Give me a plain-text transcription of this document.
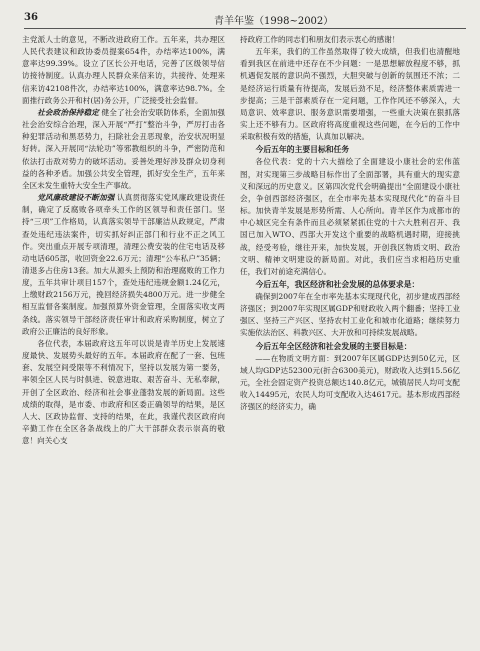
36	青羊年鉴（1998~2002）

主党派人士的意见，不断改进政府工作。五年来，共办理区人民代表建议和政协委员提案654件，办结率达100%，满意率达99.39%。设立了区长公开电话，完善了区级领导信访接待制度。认真办理人民群众来信来访，共接待、处理来信来访42108件次，办结率达100%，满意率达98.7%。全面推行政务公开和村(居)务公开，广泛接受社会监督。

社会政治保持稳定 健全了社会治安联防体系，全面加强社会治安综合治理，深入开展“严打”整治斗争，严厉打击各种犯罪活动和黑恶势力，扫除社会丑恶现象，治安状况明显好转。深入开展同“法轮功”等邪教组织的斗争，严密防范和依法打击敌对势力的破坏活动。妥善处理好涉及群众切身利益的各种矛盾。加强公共安全管理，抓好安全生产，五年来全区未发生重特大安全生产事故。

党风廉政建设不断加强 认真贯彻落实党风廉政建设责任制，确定了反腐败各项牵头工作的区领导和责任部门。坚持“三项”工作格局，认真落实领导干部廉洁从政规定，严肃查处违纪违法案件，切实抓好纠正部门和行业不正之风工作。突出重点开展专项清理，清理公费安装的住宅电话及移动电话605部，收回资金22.6万元；清理“公车私户”35辆；清退多占住房13套。加大从源头上预防和治理腐败的工作力度，五年共审计项目157个，查处违纪违规金额1.24亿元，上缴财政2156万元，挽回经济损失4800万元。进一步健全相互监督各案制度。加强预算外资金管理，全面落实收支两条线。落实领导干部经济责任审计和政府采购制度，树立了政府公正廉洁的良好形象。

各位代表，本届政府这五年可以说是青羊历史上发展速度最快、发展势头最好的五年。本届政府在配了一套、包班套、发展空间受限等不利情况下，坚持以发展为第一要务，率领全区人民与时俱进、锐意进取、艰苦奋斗、无私奉献，开创了全区政治、经济和社会事业蓬勃发展的新局面。这些成绩的取得，是市委、市政府和区委正确领导的结果，是区人大、区政协监督、支持的结果，在此，我谨代表区政府向辛勤工作在全区各条战线上的广大干部群众表示崇高的敬意！向关心支

持政府工作的同志们和朋友们表示衷心的感谢！

五年来，我们的工作虽然取得了较大成绩，但我们也清醒地看到我区在前进中还存在不少问题：一是思想解放程度不够，抓机遇促发展的意识尚不强烈，大胆突破与创新的氛围还不浓；二是经济运行质量有待提高，发展后劲不足，经济整体素质需进一步提高；三是干部素质存在一定问题，工作作风还不够深入，大局意识、效率意识、服务意识需要增强，一些重大决策在狠抓落实上还不够有力。区政府将高度重视这些问题，在今后的工作中采取积极有效的措施，认真加以解决。

今后五年的主要目标和任务

各位代表：党的十六大描绘了全面建设小康社会的宏伟蓝图，对实现第三步战略目标作出了全面部署，具有重大的现实意义和深远的历史意义。区第四次党代会明确提出“全面建设小康社会，争创西部经济强区，在全市率先基本实现现代化”的奋斗目标。加快青羊发展是形势所需、人心所向。青羊区作为成都市的中心城区完全有条件而且必须紧紧抓住党的十六大胜利召开、我国已加入WTO、西部大开发这个重要的战略机遇时期，迎接挑战，经受考验，继往开来，加快发展，开创我区物质文明、政治文明、精神文明建设的新局面。对此，我们应当求相趋历史重任，我们对前途充满信心。

今后五年，我区经济和社会发展的总体要求是：

确保到2007年在全市率先基本实现现代化，初步建成西部经济强区；到2007年实现区属GDP和财政收入两个翻番；坚持工业强区、坚持三产兴区、坚持农村工业化和城市化道路；继续努力实施依法治区、科教兴区、大开放和可持续发展战略。

今后五年全区经济和社会发展的主要目标是：

——在物质文明方面：到2007年区属GDP达到50亿元，区域人均GDP达52300元(折合6300美元)，财政收入达到15.56亿元，全社会固定资产投资总额达140.8亿元，城镇居民人均可支配收入14495元，农民人均可支配收入达4617元。基本形成西部经济强区的经济实力，确
